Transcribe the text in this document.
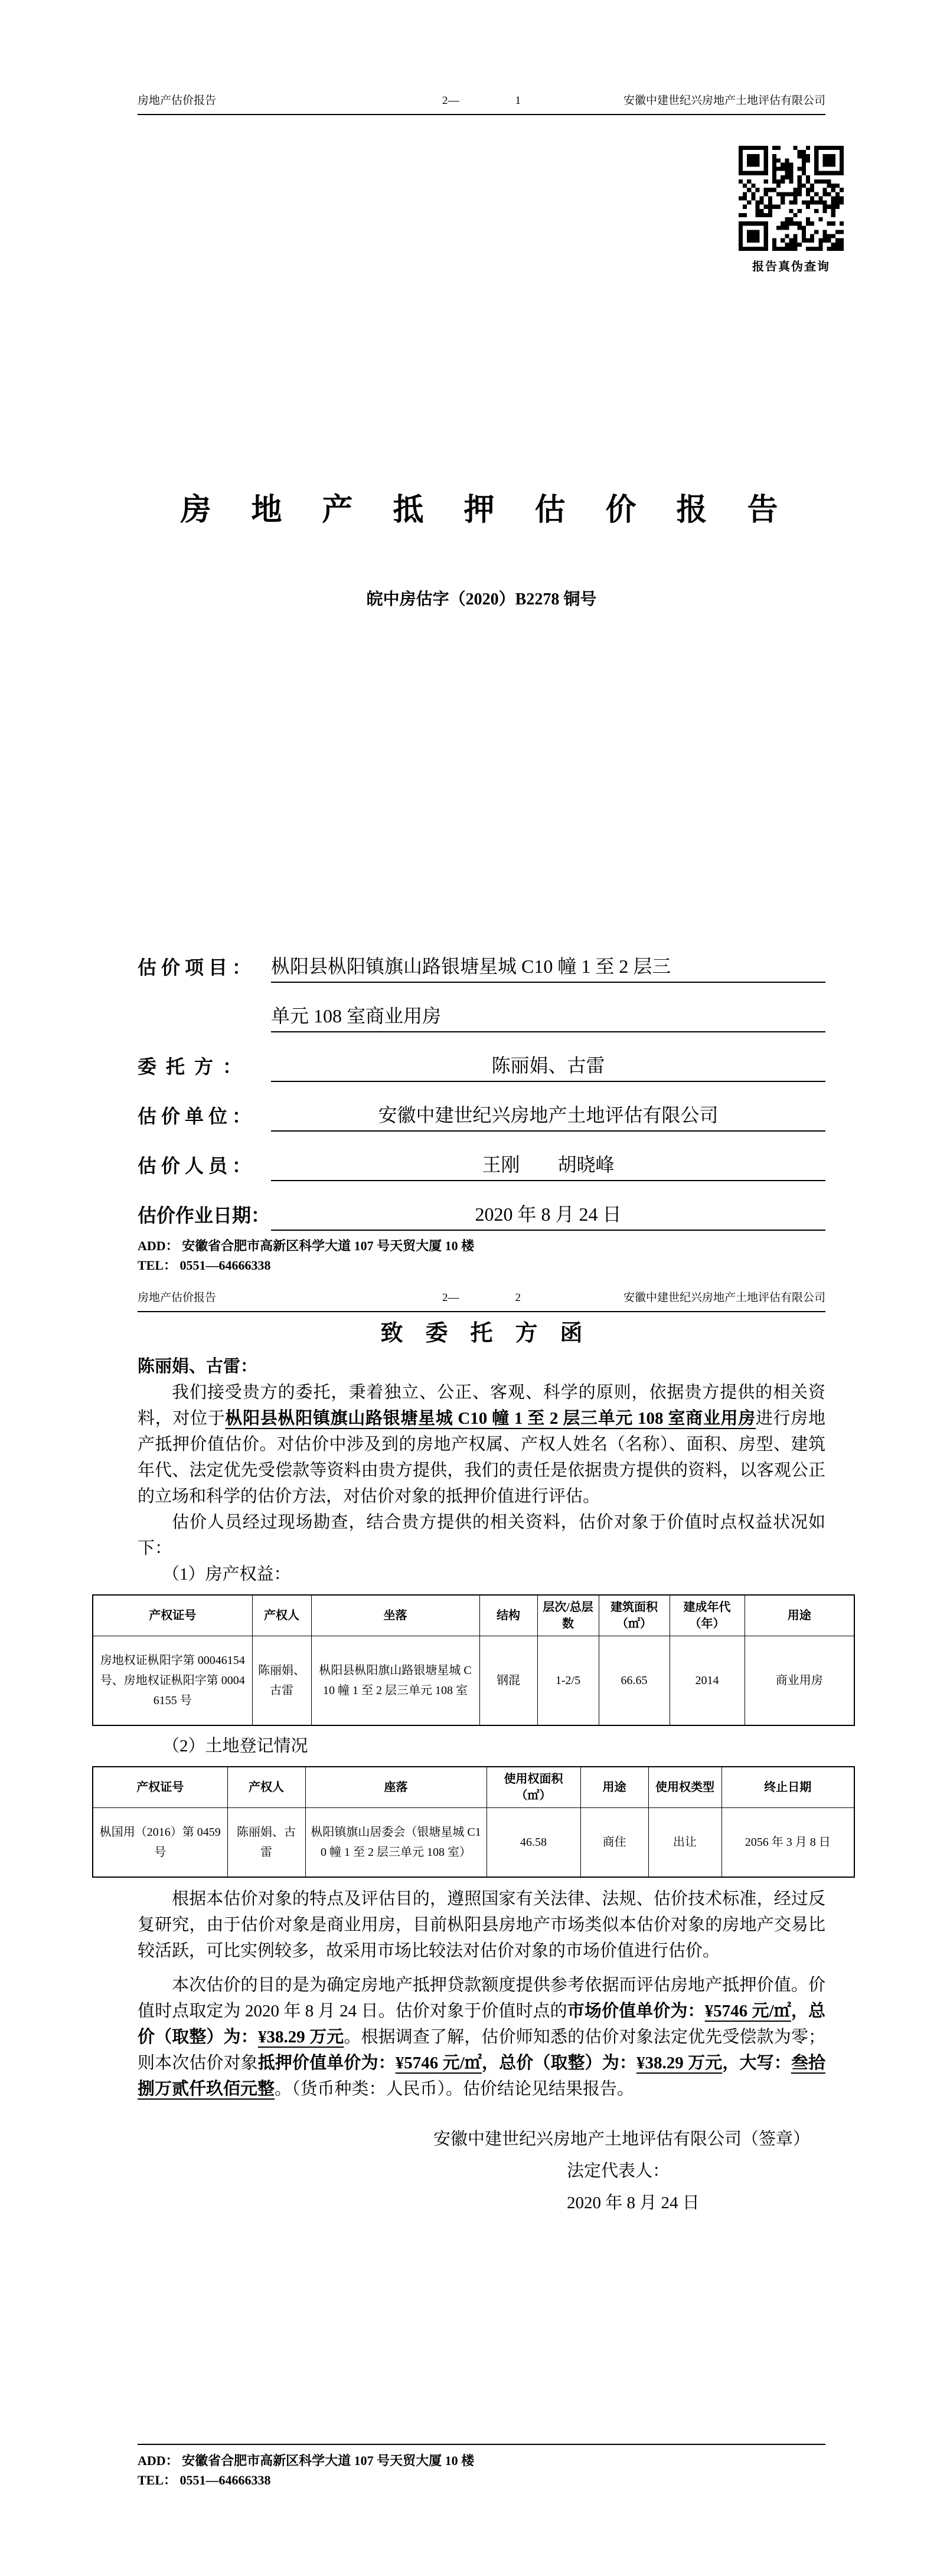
房地产估价报告	2—	1	安徽中建世纪兴房地产土地评估有限公司
报告真伪查询
房　地　产　抵　押　估　价　报　告
皖中房估字（2020）B2278 铜号
估 价 项 目 ：	枞阳县枞阳镇旗山路银塘星城 C10 幢 1 至 2 层三
单元 108 室商业用房
委  托  方  ：	陈丽娟、古雷
估 价 单 位 ：	安徽中建世纪兴房地产土地评估有限公司
估 价 人 员 ：	王刚　　胡晓峰
估价作业日期：	2020 年 8 月 24 日
ADD： 安徽省合肥市高新区科学大道 107 号天贸大厦 10 楼
TEL： 0551—64666338
房地产估价报告	2—	2	安徽中建世纪兴房地产土地评估有限公司
致　委　托　方　函

陈丽娟、古雷：

我们接受贵方的委托，秉着独立、公正、客观、科学的原则，依据贵方提供的相关资料，对位于枞阳县枞阳镇旗山路银塘星城 C10 幢 1 至 2 层三单元 108 室商业用房进行房地产抵押价值估价。对估价中涉及到的房地产权属、产权人姓名（名称）、面积、房型、建筑年代、法定优先受偿款等资料由贵方提供，我们的责任是依据贵方提供的资料，以客观公正的立场和科学的估价方法，对估价对象的抵押价值进行评估。

估价人员经过现场勘查，结合贵方提供的相关资料，估价对象于价值时点权益状况如下：

（1）房产权益：

产权证号	产权人	坐落	结构	层次/总层数	建筑面积（㎡）	建成年代（年）	用途
房地权证枞阳字第 00046154 号、房地权证枞阳字第 00046155 号	陈丽娟、古雷	枞阳县枞阳旗山路银塘星城 C10 幢 1 至 2 层三单元 108 室	钢混	1-2/5	66.65	2014	商业用房

（2）土地登记情况

产权证号	产权人	座落	使用权面积（㎡）	用途	使用权类型	终止日期
枞国用（2016）第 0459 号	陈丽娟、古雷	枞阳镇旗山居委会（银塘星城 C10 幢 1 至 2 层三单元 108 室）	46.58	商住	出让	2056 年 3 月 8 日

根据本估价对象的特点及评估目的，遵照国家有关法律、法规、估价技术标准，经过反复研究，由于估价对象是商业用房，目前枞阳县房地产市场类似本估价对象的房地产交易比较活跃，可比实例较多，故采用市场比较法对估价对象的市场价值进行估价。

本次估价的目的是为确定房地产抵押贷款额度提供参考依据而评估房地产抵押价值。价值时点取定为 2020 年 8 月 24 日。估价对象于价值时点的市场价值单价为：¥5746 元/㎡，总价（取整）为：¥38.29 万元。根据调查了解，估价师知悉的估价对象法定优先受偿款为零；则本次估价对象抵押价值单价为：¥5746 元/㎡，总价（取整）为：¥38.29 万元，大写：叁拾捌万贰仟玖佰元整。（货币种类：人民币）。估价结论见结果报告。

安徽中建世纪兴房地产土地评估有限公司（签章）
法定代表人：
2020 年 8 月 24 日
ADD： 安徽省合肥市高新区科学大道 107 号天贸大厦 10 楼
TEL： 0551—64666338
